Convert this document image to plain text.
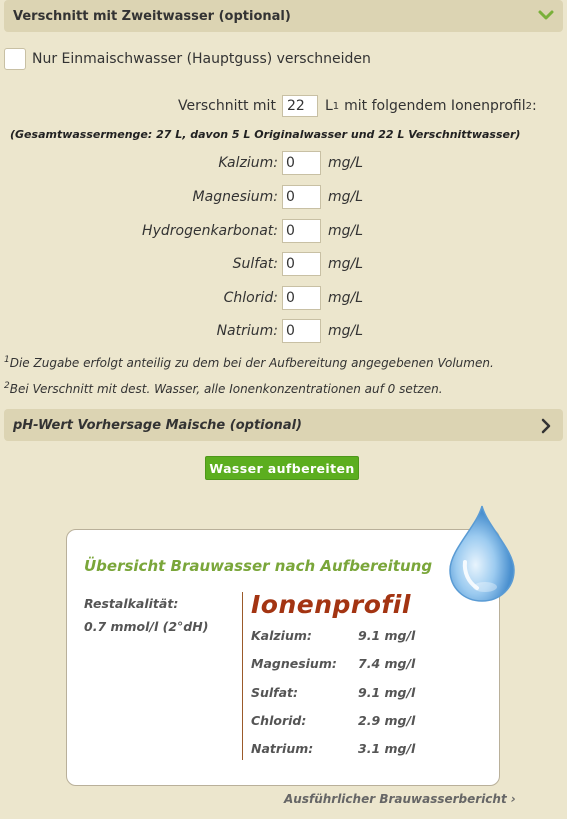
Verschnitt mit Zweitwasser (optional)
Nur Einmaischwasser (Hauptguss) verschneiden
Verschnitt mit
22	L 1 mit folgendem Ionenprofil 2 :
(Gesamtwassermenge: 27 L, davon 5 L Originalwasser und 22 L Verschnittwasser)
Kalzium:
0	mg/L
Magnesium:
0	mg/L
Hydrogenkarbonat:
0	mg/L
Sulfat:
0	mg/L
Chlorid:
0	mg/L
Natrium:
0	mg/L
$^1$Die Zugabe erfolgt anteilig zu dem bei der Aufbereitung angegebenen Volumen.
$^2$Bei Verschnitt mit dest. Wasser, alle Ionenkonzentrationen auf 0 setzen.
pH-Wert Vorhersage Maische (optional)
Wasser aufbereiten
Übersicht Brauwasser nach Aufbereitung
Restalkalität:
0.7 mmol/l (2°dH)
Ionenprofil
Kalzium:	9.1 mg/l
Magnesium: 7.4 mg/l
Sulfat:	9.1 mg/l
Chlorid:	2.9 mg/l
Natrium:	3.1 mg/l
Ausführlicher Brauwasserbericht ›
